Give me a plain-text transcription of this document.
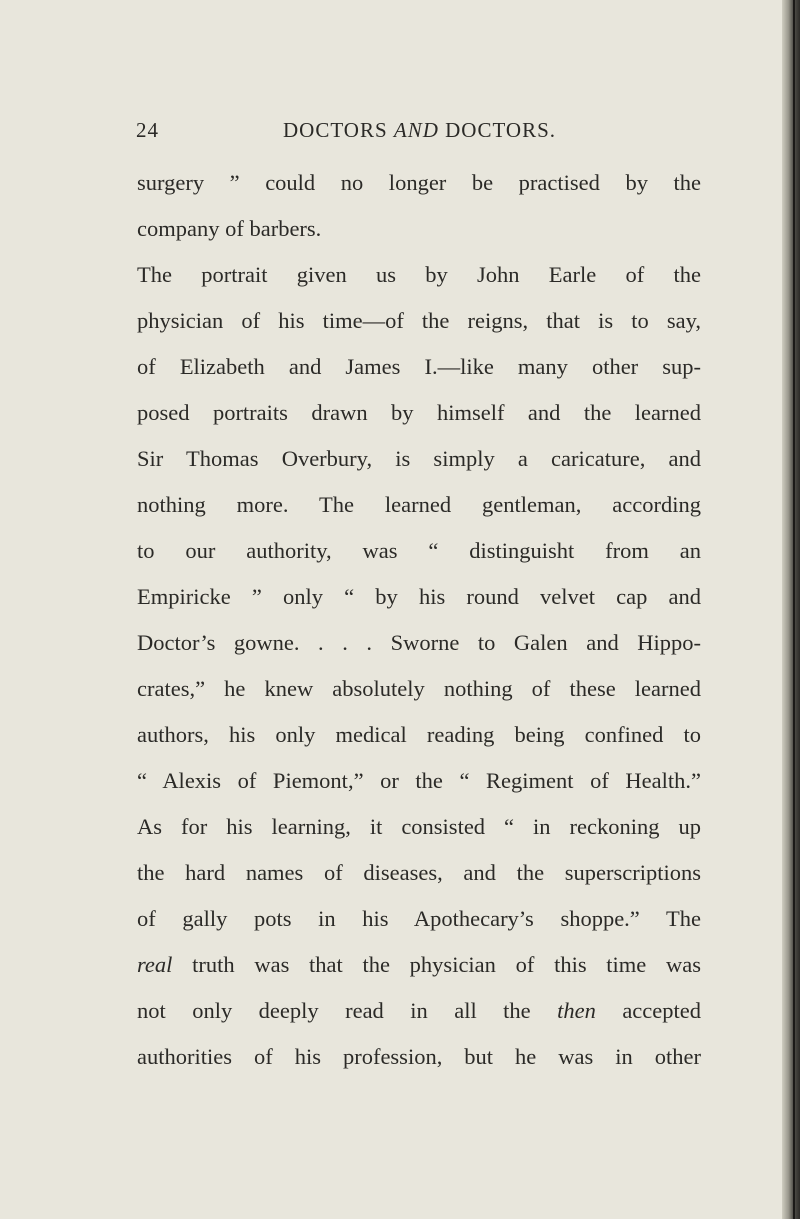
24	DOCTORS AND DOCTORS.
surgery ” could no longer be practised by the
company of barbers.
The portrait given us by John Earle of the
physician of his time—of the reigns, that is to say,
of Elizabeth and James I.—like many other sup-
posed portraits drawn by himself and the learned
Sir Thomas Overbury, is simply a caricature, and
nothing more. The learned gentleman, according
to our authority, was “ distinguisht from an
Empiricke ” only “ by his round velvet cap and
Doctor’s gowne. . . . Sworne to Galen and Hippo-
crates,” he knew absolutely nothing of these learned
authors, his only medical reading being confined to
“ Alexis of Piemont,” or the “ Regiment of Health.”
As for his learning, it consisted “ in reckoning up
the hard names of diseases, and the superscriptions
of gally pots in his Apothecary’s shoppe.” The
real truth was that the physician of this time was
not only deeply read in all the then accepted
authorities of his profession, but he was in other
